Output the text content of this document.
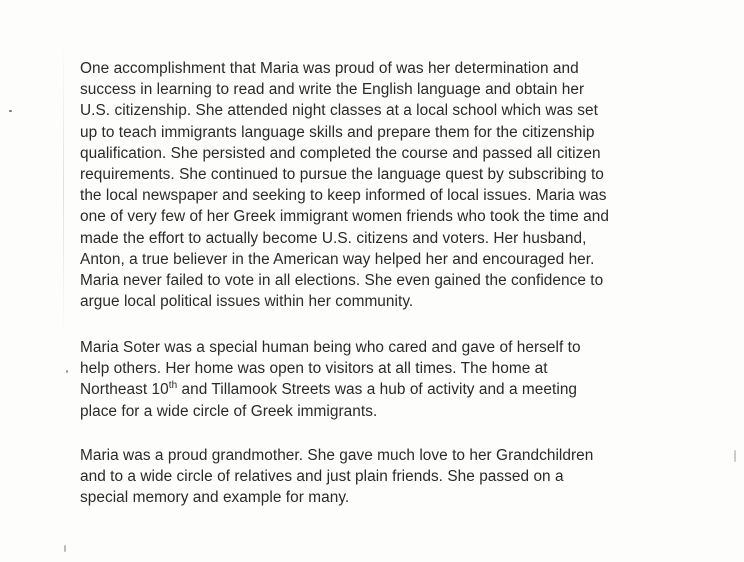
One accomplishment that Maria was proud of was her determination and
success in learning to read and write the English language and obtain her
U.S. citizenship. She attended night classes at a local school which was set
up to teach immigrants language skills and prepare them for the citizenship
qualification. She persisted and completed the course and passed all citizen
requirements. She continued to pursue the language quest by subscribing to
the local newspaper and seeking to keep informed of local issues. Maria was
one of very few of her Greek immigrant women friends who took the time and
made the effort to actually become U.S. citizens and voters. Her husband,
Anton, a true believer in the American way helped her and encouraged her.
Maria never failed to vote in all elections. She even gained the confidence to
argue local political issues within her community.

Maria Soter was a special human being who cared and gave of herself to
help others. Her home was open to visitors at all times. The home at
Northeast 10th and Tillamook Streets was a hub of activity and a meeting
place for a wide circle of Greek immigrants.

Maria was a proud grandmother. She gave much love to her Grandchildren
and to a wide circle of relatives and just plain friends. She passed on a
special memory and example for many.
